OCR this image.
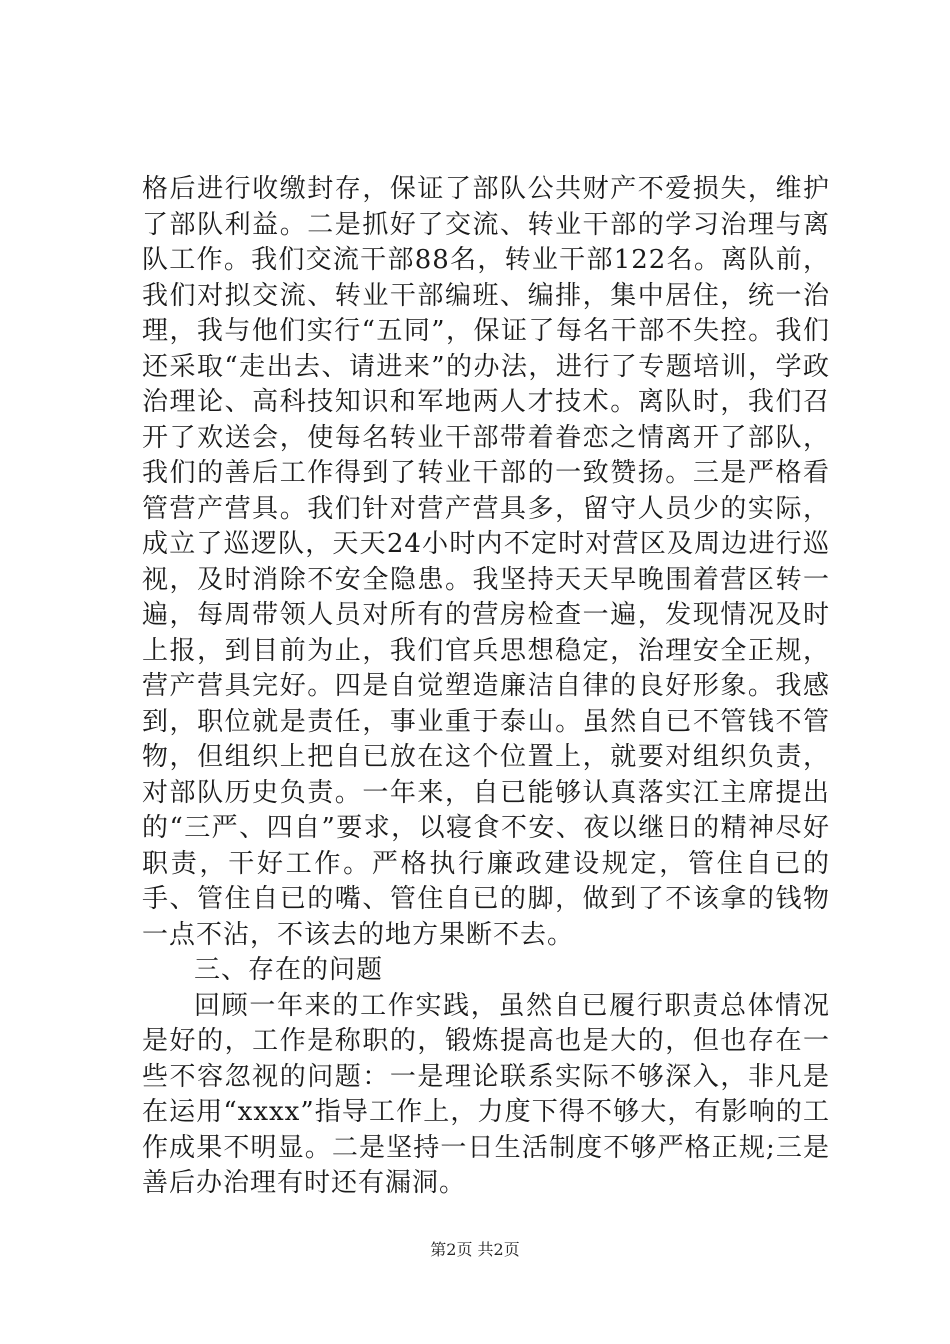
格后进行收缴封存，保证了部队公共财产不爱损失，维护了部队利益。二是抓好了交流、转业干部的学习治理与离队工作。我们交流干部88名，转业干部122名。离队前，我们对拟交流、转业干部编班、编排，集中居住，统一治理，我与他们实行“五同”，保证了每名干部不失控。我们还采取“走出去、请进来”的办法，进行了专题培训，学政治理论、高科技知识和军地两人才技术。离队时，我们召开了欢送会，使每名转业干部带着眷恋之情离开了部队，我们的善后工作得到了转业干部的一致赞扬。三是严格看管营产营具。我们针对营产营具多，留守人员少的实际，成立了巡逻队，天天24小时内不定时对营区及周边进行巡视，及时消除不安全隐患。我坚持天天早晚围着营区转一遍，每周带领人员对所有的营房检查一遍，发现情况及时上报，到目前为止，我们官兵思想稳定，治理安全正规，营产营具完好。四是自觉塑造廉洁自律的良好形象。我感到，职位就是责任，事业重于泰山。虽然自已不管钱不管物，但组织上把自已放在这个位置上，就要对组织负责，对部队历史负责。一年来，自已能够认真落实江主席提出的“三严、四自”要求，以寝食不安、夜以继日的精神尽好职责，干好工作。严格执行廉政建设规定，管住自已的手、管住自已的嘴、管住自已的脚，做到了不该拿的钱物一点不沾，不该去的地方果断不去。

三、存在的问题

回顾一年来的工作实践，虽然自已履行职责总体情况是好的，工作是称职的，锻炼提高也是大的，但也存在一些不容忽视的问题：一是理论联系实际不够深入，非凡是在运用“xxxx”指导工作上，力度下得不够大，有影响的工作成果不明显。二是坚持一日生活制度不够严格正规;三是善后办治理有时还有漏洞。

第2页 共2页
